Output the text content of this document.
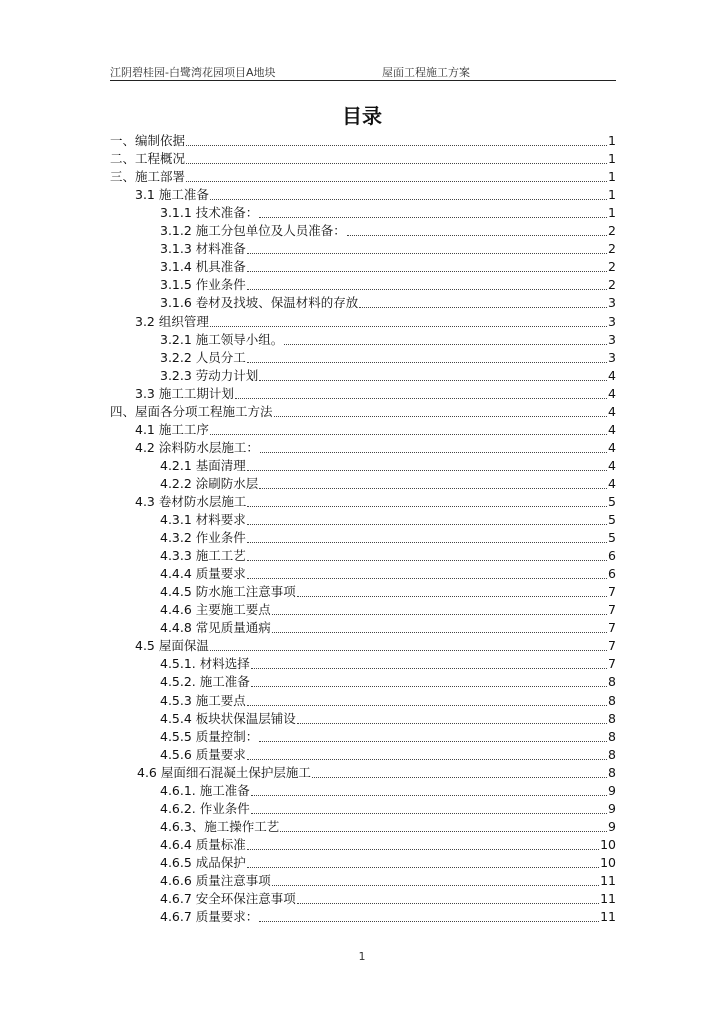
江阴碧桂园-白鹭湾花园项目A地块	屋面工程施工方案
目录
一、编制依据	1
二、工程概况	1
三、施工部署	1
3.1 施工准备	1
3.1.1 技术准备：	1
3.1.2 施工分包单位及人员准备：	2
3.1.3 材料准备	2
3.1.4 机具准备	2
3.1.5 作业条件	2
3.1.6 卷材及找坡、保温材料的存放	3
3.2 组织管理	3
3.2.1 施工领导小组。	3
3.2.2 人员分工	3
3.2.3 劳动力计划	4
3.3 施工工期计划	4
四、屋面各分项工程施工方法	4
4.1 施工工序	4
4.2 涂料防水层施工：	4
4.2.1 基面清理	4
4.2.2 涂刷防水层	4
4.3 卷材防水层施工	5
4.3.1 材料要求	5
4.3.2 作业条件	5
4.3.3 施工工艺	6
4.4.4 质量要求	6
4.4.5 防水施工注意事项	7
4.4.6 主要施工要点	7
4.4.8 常见质量通病	7
4.5 屋面保温	7
4.5.1. 材料选择	7
4.5.2. 施工准备	8
4.5.3 施工要点	8
4.5.4 板块状保温层铺设	8
4.5.5 质量控制：	8
4.5.6 质量要求	8
4.6 屋面细石混凝土保护层施工	8
4.6.1. 施工准备	9
4.6.2. 作业条件	9
4.6.3、施工操作工艺	9
4.6.4 质量标准	10
4.6.5 成品保护	10
4.6.6 质量注意事项	11
4.6.7 安全环保注意事项	11
4.6.7 质量要求：	11
1
